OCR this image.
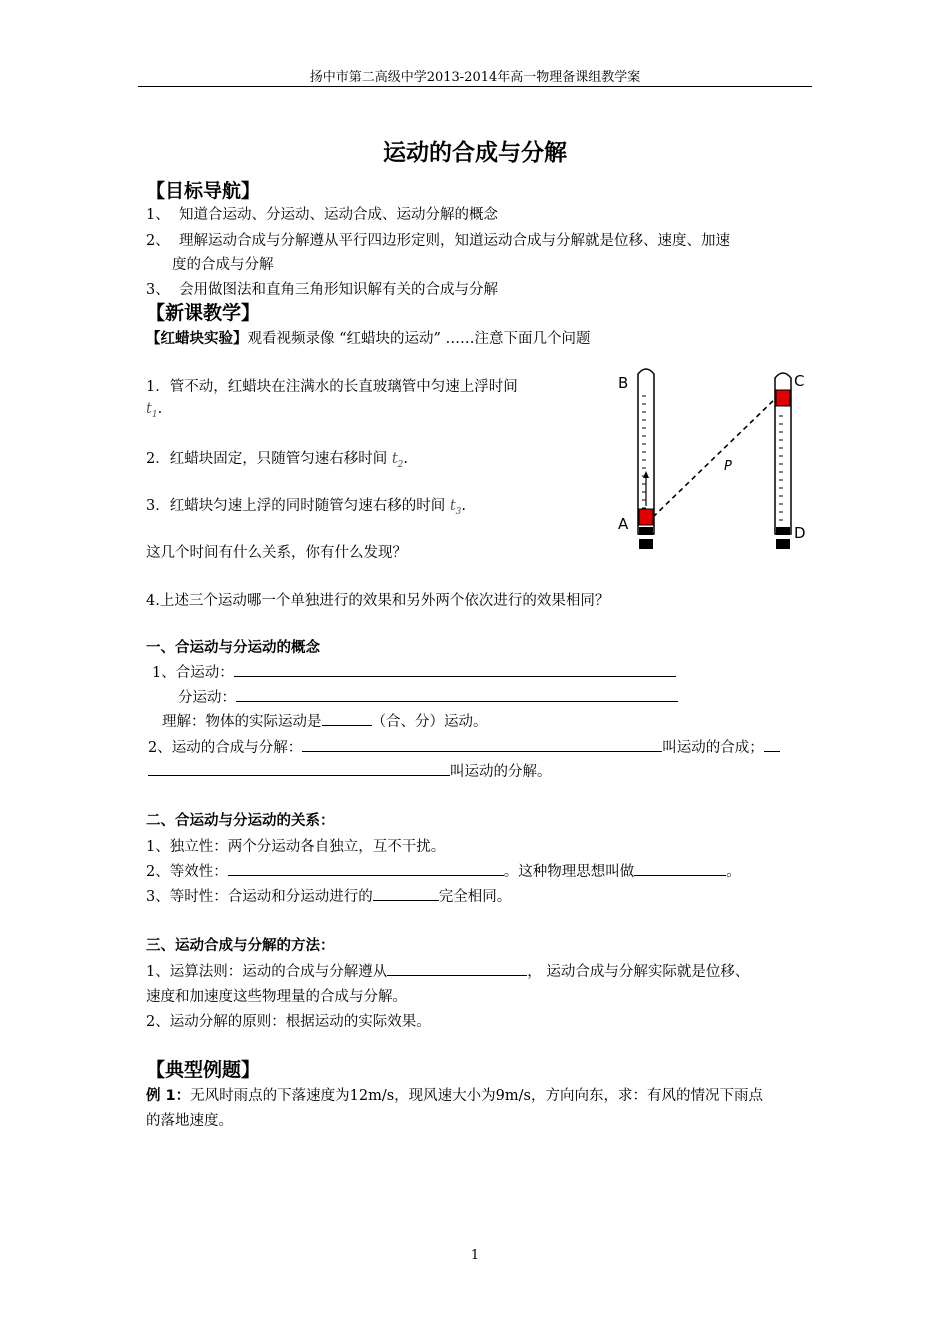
扬中市第二高级中学2013-2014年高一物理备课组教学案
运动的合成与分解
【目标导航】
1、 知道合运动、分运动、运动合成、运动分解的概念
2、 理解运动合成与分解遵从平行四边形定则，知道运动合成与分解就是位移、速度、加速
度的合成与分解
3、 会用做图法和直角三角形知识解有关的合成与分解
【新课教学】
【红蜡块实验】观看视频录像 “红蜡块的运动” ……注意下面几个问题
1．管不动，红蜡块在注满水的长直玻璃管中匀速上浮时间
$t_1$.
2．红蜡块固定，只随管匀速右移时间 $t_2$.
3．红蜡块匀速上浮的同时随管匀速右移的时间 $t_3$.
这几个时间有什么关系，你有什么发现？
4.上述三个运动哪一个单独进行的效果和另外两个依次进行的效果相同？
B
A
C
D
P
一、合运动与分运动的概念
1、合运动：
分运动：
理解：物体的实际运动是	（合、分）运动。
2、运动的合成与分解：	叫运动的合成；
叫运动的分解。
二、合运动与分运动的关系：
1、独立性：两个分运动各自独立，互不干扰。
2、等效性：	。这种物理思想叫做	。
3、等时性：合运动和分运动进行的	完全相同。
三、运动合成与分解的方法：
1、运算法则：运动的合成与分解遵从	， 运动合成与分解实际就是位移、
速度和加速度这些物理量的合成与分解。
2、运动分解的原则：根据运动的实际效果。
【典型例题】
例 1：无风时雨点的下落速度为12m/s，现风速大小为9m/s，方向向东，求：有风的情况下雨点
的落地速度。
1
